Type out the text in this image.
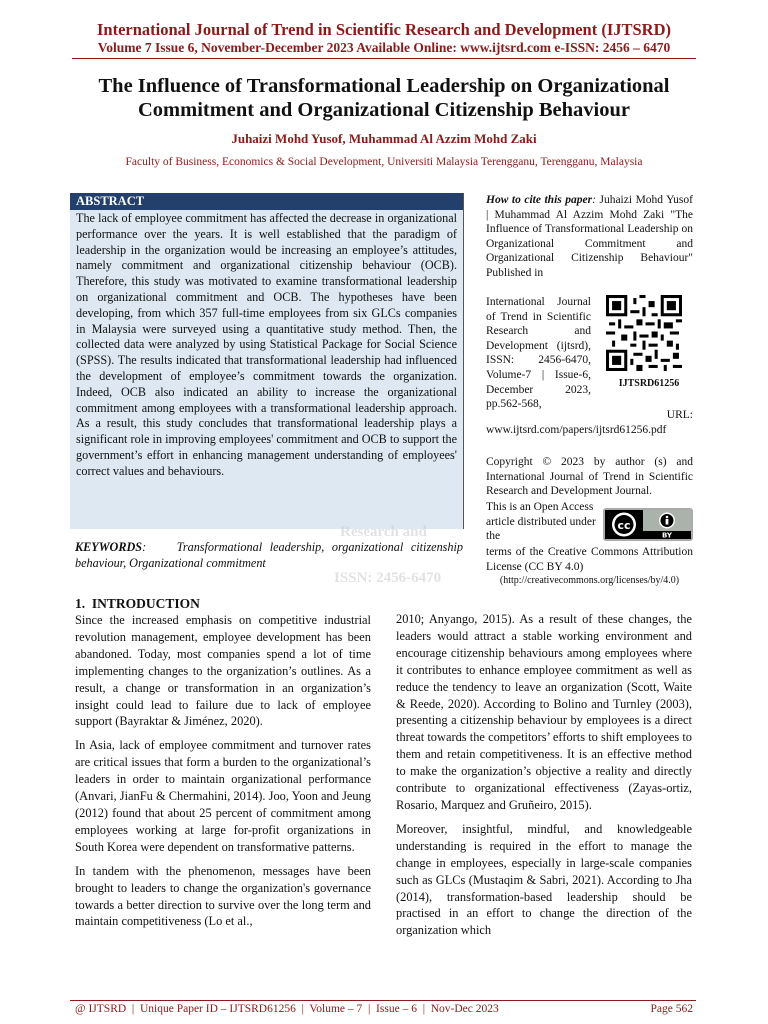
International Journal of Trend in Scientific Research and Development (IJTSRD)
Volume 7 Issue 6, November-December 2023 Available Online: www.ijtsrd.com e-ISSN: 2456 – 6470
The Influence of Transformational Leadership on Organizational
Commitment and Organizational Citizenship Behaviour
Juhaizi Mohd Yusof, Muhammad Al Azzim Mohd Zaki
Faculty of Business, Economics & Social Development, Universiti Malaysia Terengganu, Terengganu, Malaysia
ABSTRACT
The lack of employee commitment has affected the decrease in organizational performance over the years. It is well established that the paradigm of leadership in the organization would be increasing an employee’s attitudes, namely commitment and organizational citizenship behaviour (OCB). Therefore, this study was motivated to examine transformational leadership on organizational commitment and OCB. The hypotheses have been developing, from which 357 full-time employees from six GLCs companies in Malaysia were surveyed using a quantitative study method. Then, the collected data were analyzed by using Statistical Package for Social Science (SPSS). The results indicated that transformational leadership had influenced the development of employee’s commitment towards the organization. Indeed, OCB also indicated an ability to increase the organizational commitment among employees with a transformational leadership approach. As a result, this study concludes that transformational leadership plays a significant role in improving employees' commitment and OCB to support the government’s effort in enhancing management understanding of employees' correct values and behaviours.
Research and
ISSN: 2456-6470
KEYWORDS:    Transformational leadership, organizational citizenship behaviour, Organizational commitment
How to cite this paper: Juhaizi Mohd Yusof | Muhammad Al Azzim Mohd Zaki "The Influence of Transformational Leadership on Organizational Commitment and Organizational Citizenship Behaviour" Published in
International Journal of Trend in Scientific Research and Development (ijtsrd), ISSN: 2456-6470, Volume-7 | Issue-6, December 2023, pp.562-568,
IJTSRD61256
URL:
www.ijtsrd.com/papers/ijtsrd61256.pdf
Copyright © 2023 by author (s) and International Journal of Trend in Scientific Research and Development Journal.
This is an Open Access article distributed under the
cc
BY
terms of the Creative Commons Attribution License (CC BY 4.0)
(http://creativecommons.org/licenses/by/4.0)
1.  INTRODUCTION

Since the increased emphasis on competitive industrial revolution management, employee development has been abandoned. Today, most companies spend a lot of time implementing changes to the organization’s outlines. As a result, a change or transformation in an organization’s insight could lead to failure due to lack of employee support (Bayraktar & Jiménez, 2020).

In Asia, lack of employee commitment and turnover rates are critical issues that form a burden to the organizational’s leaders in order to maintain organizational performance (Anvari, JianFu & Chermahini, 2014). Joo, Yoon and Jeung (2012) found that about 25 percent of commitment among employees working at large for-profit organizations in South Korea were dependent on transformative patterns.

In tandem with the phenomenon, messages have been brought to leaders to change the organization's governance towards a better direction to survive over the long term and maintain competitiveness (Lo et al.,

2010; Anyango, 2015). As a result of these changes, the leaders would attract a stable working environment and encourage citizenship behaviours among employees where it contributes to enhance employee commitment as well as reduce the tendency to leave an organization (Scott, Waite & Reede, 2020). According to Bolino and Turnley (2003), presenting a citizenship behaviour by employees is a direct threat towards the competitors’ efforts to shift employees to them and retain competitiveness. It is an effective method to make the organization’s objective a reality and directly contribute to organizational effectiveness (Zayas-ortiz, Rosario, Marquez and Gruñeiro, 2015).

Moreover, insightful, mindful, and knowledgeable understanding is required in the effort to manage the change in employees, especially in large-scale companies such as GLCs (Mustaqim & Sabri, 2021). According to Jha (2014), transformation-based leadership should be practised in an effort to change the direction of the organization which

@ IJTSRD  |  Unique Paper ID – IJTSRD61256  |  Volume – 7  |  Issue – 6  |  Nov-Dec 2023	Page 562
